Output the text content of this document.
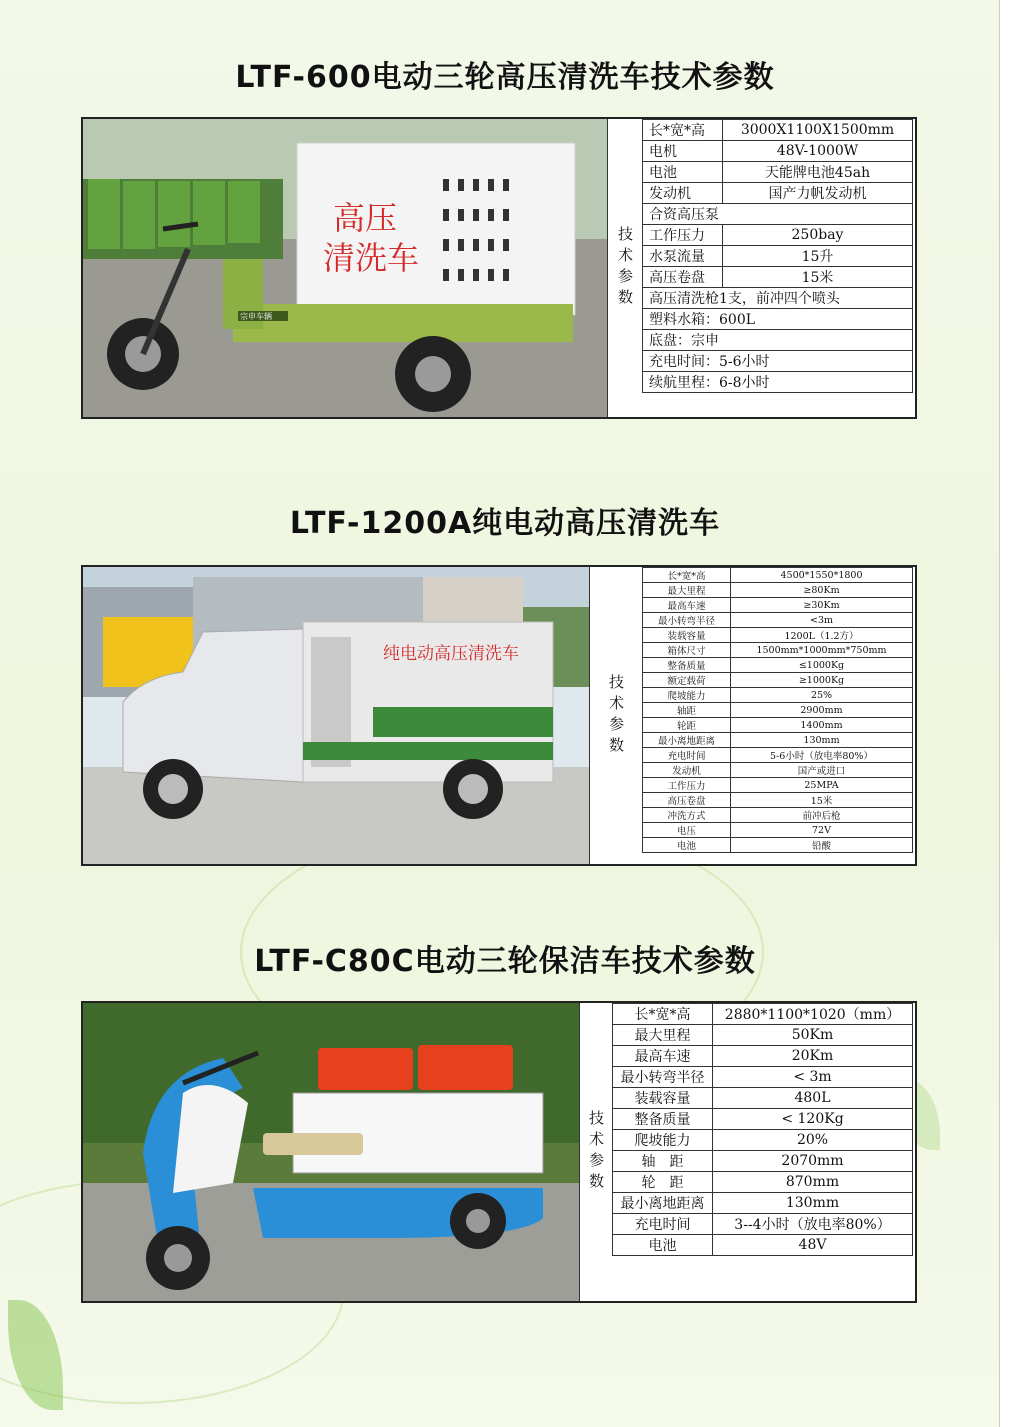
LTF-600电动三轮高压清洗车技术参数
高压
清洗车
宗申车辆
技术参数
长*宽*高	3000X1100X1500mm
电机	48V-1000W
电池	天能牌电池45ah
发动机	国产力帆发动机
合资高压泵	
工作压力	250bay
水泵流量	15升
高压卷盘	15米
高压清洗枪1支，前冲四个喷头	
塑料水箱：600L	
底盘：宗申	
充电时间：5-6小时	
续航里程：6-8小时	
LTF-1200A纯电动高压清洗车
纯电动高压清洗车
技术参数
长*宽*高	4500*1550*1800
最大里程	≥80Km
最高车速	≥30Km
最小转弯半径	<3m
装载容量	1200L（1.2方）
箱体尺寸	1500mm*1000mm*750mm
整备质量	≤1000Kg
额定载荷	≥1000Kg
爬坡能力	25%
轴距	2900mm
轮距	1400mm
最小离地距离	130mm
充电时间	5-6小时（放电率80%）
发动机	国产或进口
工作压力	25MPA
高压卷盘	15米
冲洗方式	前冲后枪
电压	72V
电池	铅酸
LTF-C80C电动三轮保洁车技术参数
技术参数
长*宽*高	2880*1100*1020（mm）
最大里程	50Km
最高车速	20Km
最小转弯半径	< 3m
装载容量	480L
整备质量	< 120Kg
爬坡能力	20%
轴　距	2070mm
轮　距	870mm
最小离地距离	130mm
充电时间	3--4小时（放电率80%）
电池	48V
